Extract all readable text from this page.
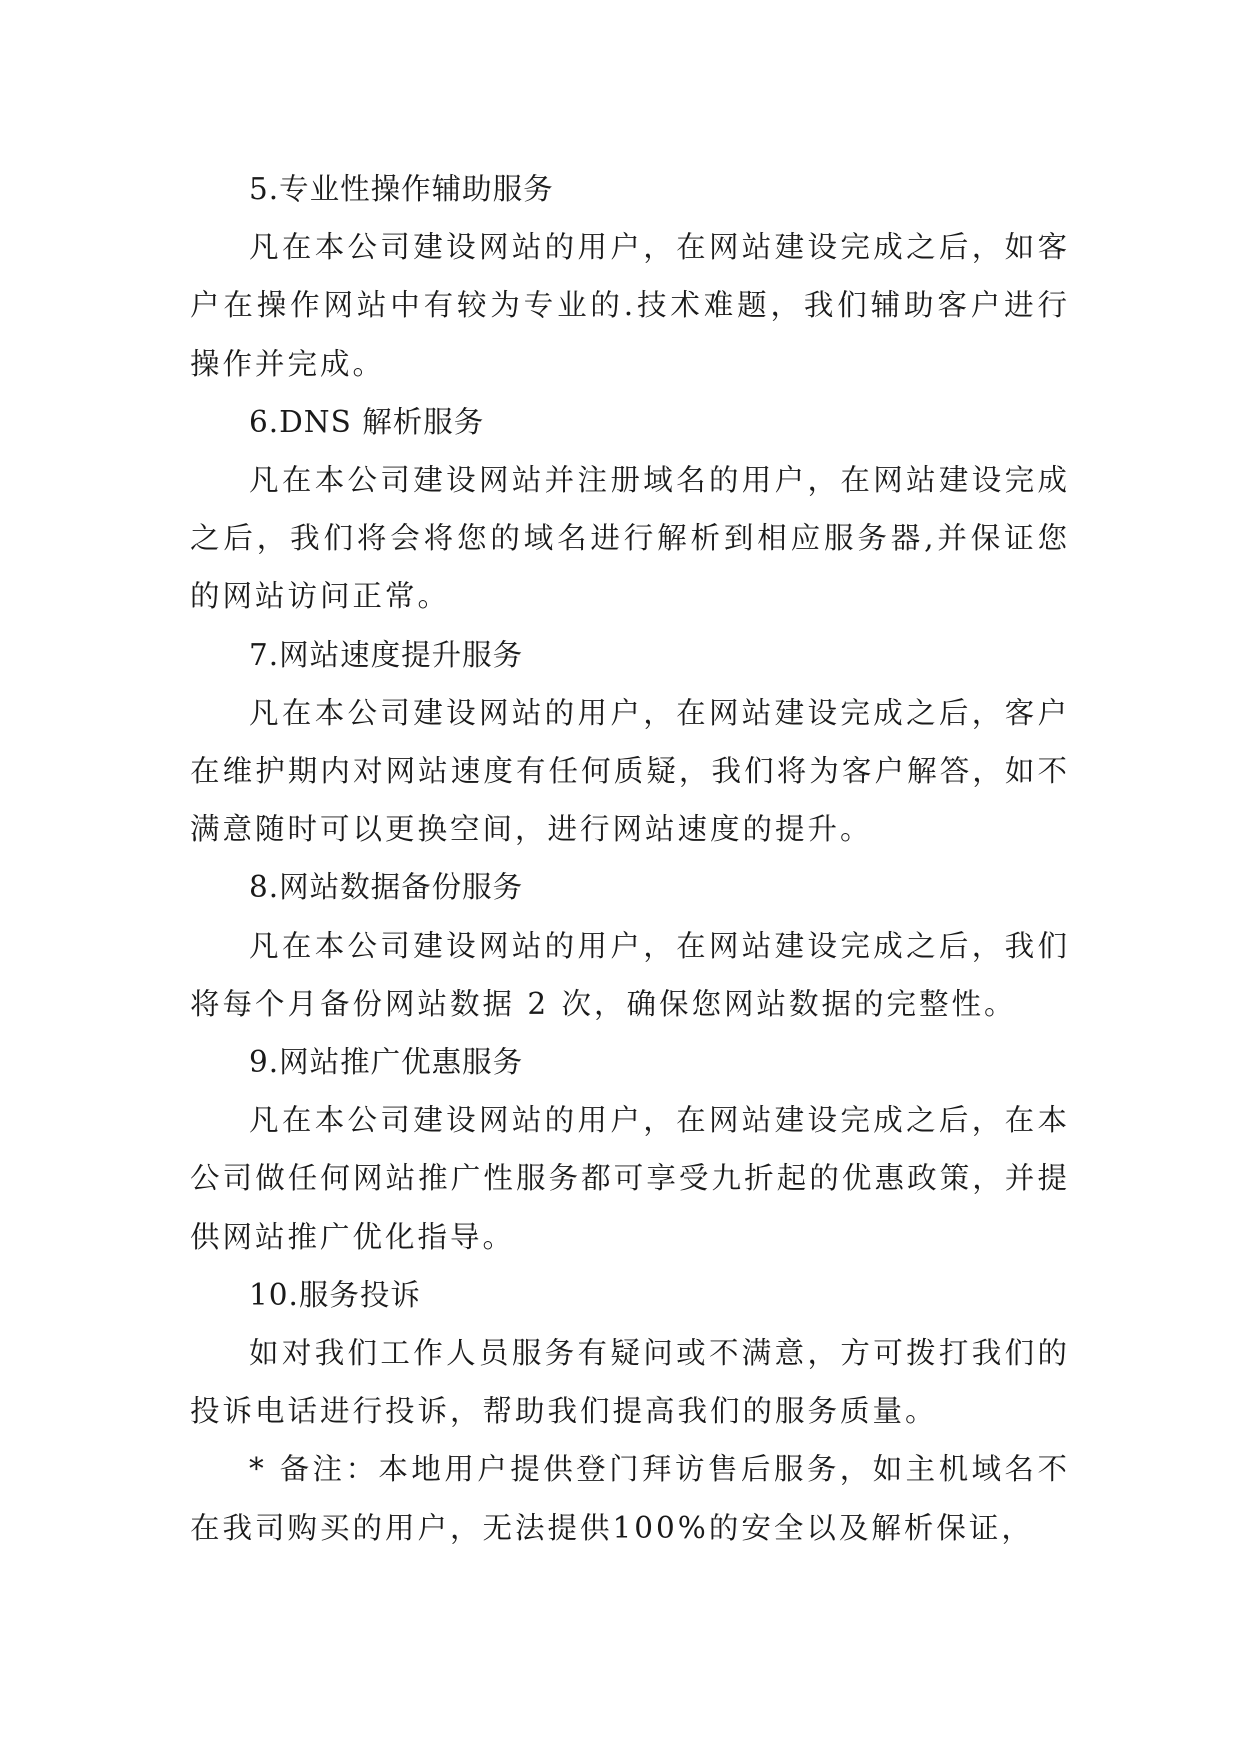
5.专业性操作辅助服务

凡在本公司建设网站的用户，在网站建设完成之后，如客户在操作网站中有较为专业的.技术难题，我们辅助客户进行操作并完成。

6.DNS 解析服务

凡在本公司建设网站并注册域名的用户，在网站建设完成之后，我们将会将您的域名进行解析到相应服务器,并保证您的网站访问正常。

7.网站速度提升服务

凡在本公司建设网站的用户，在网站建设完成之后，客户在维护期内对网站速度有任何质疑，我们将为客户解答，如不满意随时可以更换空间，进行网站速度的提升。

8.网站数据备份服务

凡在本公司建设网站的用户，在网站建设完成之后，我们将每个月备份网站数据 2 次，确保您网站数据的完整性。

9.网站推广优惠服务

凡在本公司建设网站的用户，在网站建设完成之后，在本公司做任何网站推广性服务都可享受九折起的优惠政策，并提供网站推广优化指导。

10.服务投诉

如对我们工作人员服务有疑问或不满意，方可拨打我们的投诉电话进行投诉，帮助我们提高我们的服务质量。

* 备注：本地用户提供登门拜访售后服务，如主机域名不在我司购买的用户，无法提供100%的安全以及解析保证，
